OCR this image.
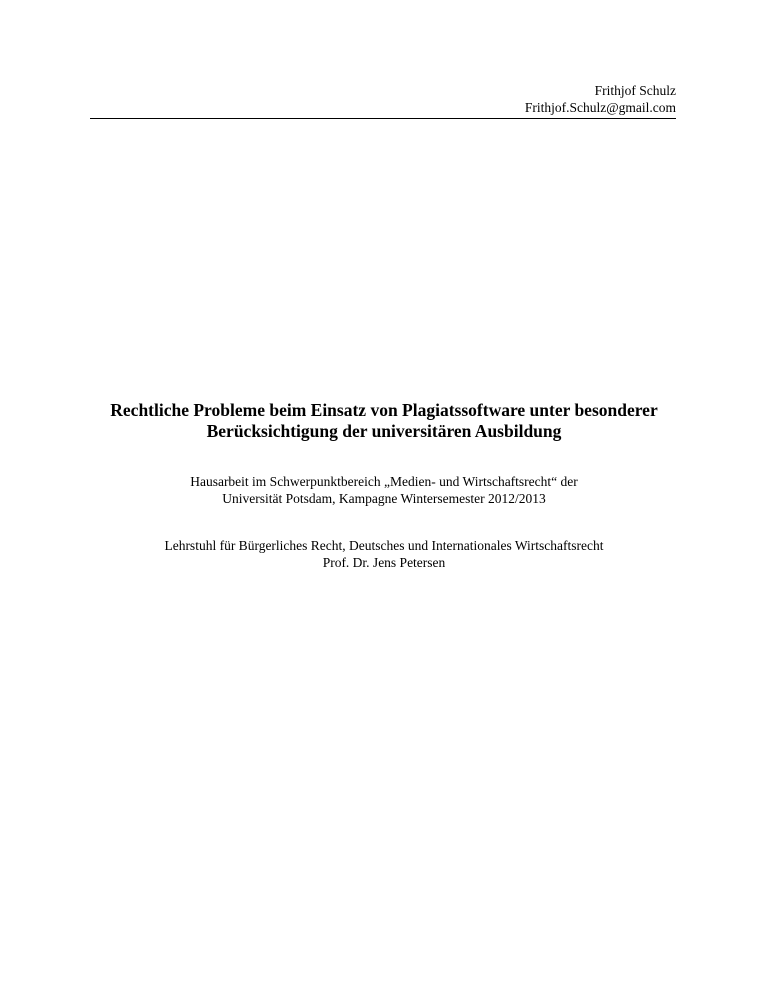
Frithjof Schulz
Frithjof.Schulz@gmail.com
Rechtliche Probleme beim Einsatz von Plagiatssoftware unter besonderer
Berücksichtigung der universitären Ausbildung
Hausarbeit im Schwerpunktbereich „Medien- und Wirtschaftsrecht“ der
Universität Potsdam, Kampagne Wintersemester 2012/2013
Lehrstuhl für Bürgerliches Recht, Deutsches und Internationales Wirtschaftsrecht
Prof. Dr. Jens Petersen
